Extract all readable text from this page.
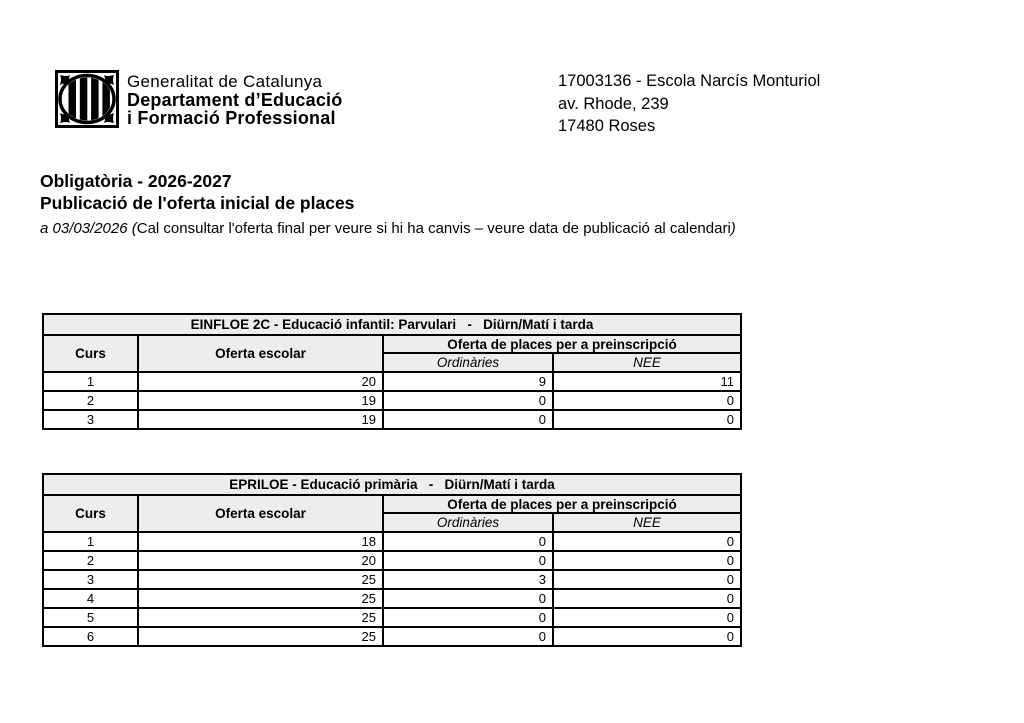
Generalitat de Catalunya
Departament d’Educació
i Formació Professional
17003136 - Escola Narcís Monturiol
av. Rhode, 239
17480 Roses
Obligatòria - 2026-2027
Publicació de l'oferta inicial de places
a 03/03/2026 (Cal consultar l'oferta final per veure si hi ha canvis – veure data de publicació al calendari)
EINFLOE 2C - Educació infantil: Parvulari   -   Diürn/Matí i tarda			
Curs	Oferta escolar	Oferta de places per a preinscripció	
		Ordinàries	NEE
1	20	9	11
2	19	0	0
3	19	0	0
EPRILOE - Educació primària   -   Diürn/Matí i tarda			
Curs	Oferta escolar	Oferta de places per a preinscripció	
		Ordinàries	NEE
1	18	0	0
2	20	0	0
3	25	3	0
4	25	0	0
5	25	0	0
6	25	0	0
